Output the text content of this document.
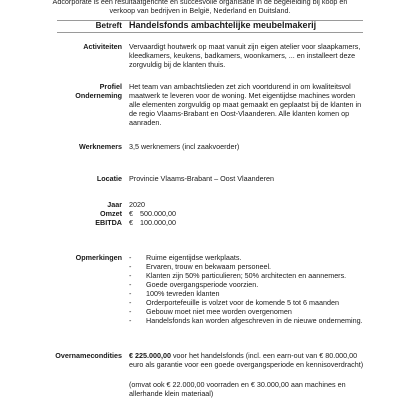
Adcorporate is een resultaatgerichte en succesvolle organisatie in de begeleiding bij koop en verkoop van bedrijven in België, Nederland en Duitsland.
Betreft Handelsfonds ambachtelijke meubelmakerij
Activiteiten Vervaardigt houtwerk op maat vanuit zijn eigen atelier voor slaapkamers, kleedkamers, keukens, badkamers, woonkamers, ... en installeert deze zorgvuldig bij de klanten thuis.
Profiel
Onderneming
Het team van ambachtslieden zet zich voortdurend in om kwaliteitsvol maatwerk te leveren voor de woning. Met eigentijdse machines worden alle elementen zorgvuldig op maat gemaakt en geplaatst bij de klanten in de regio Vlaams-Brabant en Oost-Vlaanderen. Alle klanten komen op aanraden.
Werknemers 3,5 werknemers (incl zaakvoerder)
Locatie Provincie Vlaams-Brabant – Oost Vlaanderen
Jaar
Omzet
EBITDA
2020
€ 500.000,00
€ 100.000,00
Opmerkingen
-	Ruime eigentijdse werkplaats.
- Ervaren, trouw en bekwaam personeel.
- Klanten zijn 50% particulieren; 50% architecten en aannemers.
- Goede overgangsperiode voorzien.
- 100% tevreden klanten
- Orderportefeuille is volzet voor de komende 5 tot 6 maanden
- Gebouw moet niet mee worden overgenomen
- Handelsfonds kan worden afgeschreven in de nieuwe onderneming.
Overnamecondities € 225.000,00 voor het handelsfonds (incl. een earn-out van € 80.000,00 euro als garantie voor een goede overgangsperiode en kennisoverdracht)
(omvat ook € 22.000,00 voorraden en € 30.000,00 aan machines en allerhande klein materiaal)
